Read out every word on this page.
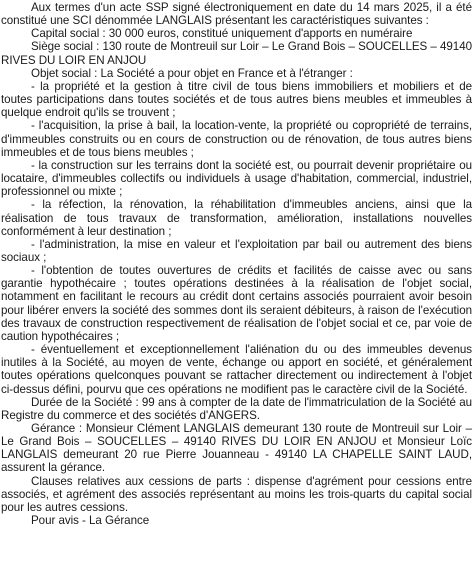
Aux termes d'un acte SSP signé électroniquement en date du 14 mars 2025, il a été constitué une SCI dénommée LANGLAIS présentant les caractéristiques suivantes :

Capital social : 30 000 euros, constitué uniquement d'apports en numéraire

Siège social : 130 route de Montreuil sur Loir – Le Grand Bois – SOUCELLES – 49140 RIVES DU LOIR EN ANJOU

Objet social : La Société a pour objet en France et à l'étranger :

- la propriété et la gestion à titre civil de tous biens immobiliers et mobiliers et de toutes participations dans toutes sociétés et de tous autres biens meubles et immeubles à quelque endroit qu'ils se trouvent ;

- l'acquisition, la prise à bail, la location-vente, la propriété ou copropriété de terrains, d'immeubles construits ou en cours de construction ou de rénovation, de tous autres biens immeubles et de tous biens meubles ;

- la construction sur les terrains dont la société est, ou pourrait devenir propriétaire ou locataire, d'immeubles collectifs ou individuels à usage d'habitation, commercial, industriel, professionnel ou mixte ;

- la réfection, la rénovation, la réhabilitation d'immeubles anciens, ainsi que la réalisation de tous travaux de transformation, amélioration, installations nouvelles conformément à leur destination ;

- l'administration, la mise en valeur et l'exploitation par bail ou autrement des biens sociaux ;

- l'obtention de toutes ouvertures de crédits et facilités de caisse avec ou sans garantie hypothécaire ; toutes opérations destinées à la réalisation de l'objet social, notamment en facilitant le recours au crédit dont certains associés pourraient avoir besoin pour libérer envers la société des sommes dont ils seraient débiteurs, à raison de l'exécution des travaux de construction respectivement de réalisation de l'objet social et ce, par voie de caution hypothécaires ;

- éventuellement et exceptionnellement l'aliénation du ou des immeubles devenus inutiles à la Société, au moyen de vente, échange ou apport en société, et généralement toutes opérations quelconques pouvant se rattacher directement ou indirectement à l'objet ci-dessus défini, pourvu que ces opérations ne modifient pas le caractère civil de la Société.

Durée de la Société : 99 ans à compter de la date de l'immatriculation de la Société au Registre du commerce et des sociétés d'ANGERS.

Gérance : Monsieur Clément LANGLAIS demeurant 130 route de Montreuil sur Loir – Le Grand Bois – SOUCELLES – 49140 RIVES DU LOIR EN ANJOU et Monsieur Loïc LANGLAIS demeurant 20 rue Pierre Jouanneau - 49140 LA CHAPELLE SAINT LAUD, assurent la gérance.

Clauses relatives aux cessions de parts : dispense d'agrément pour cessions entre associés, et agrément des associés représentant au moins les trois-quarts du capital social pour les autres cessions.

Pour avis - La Gérance
